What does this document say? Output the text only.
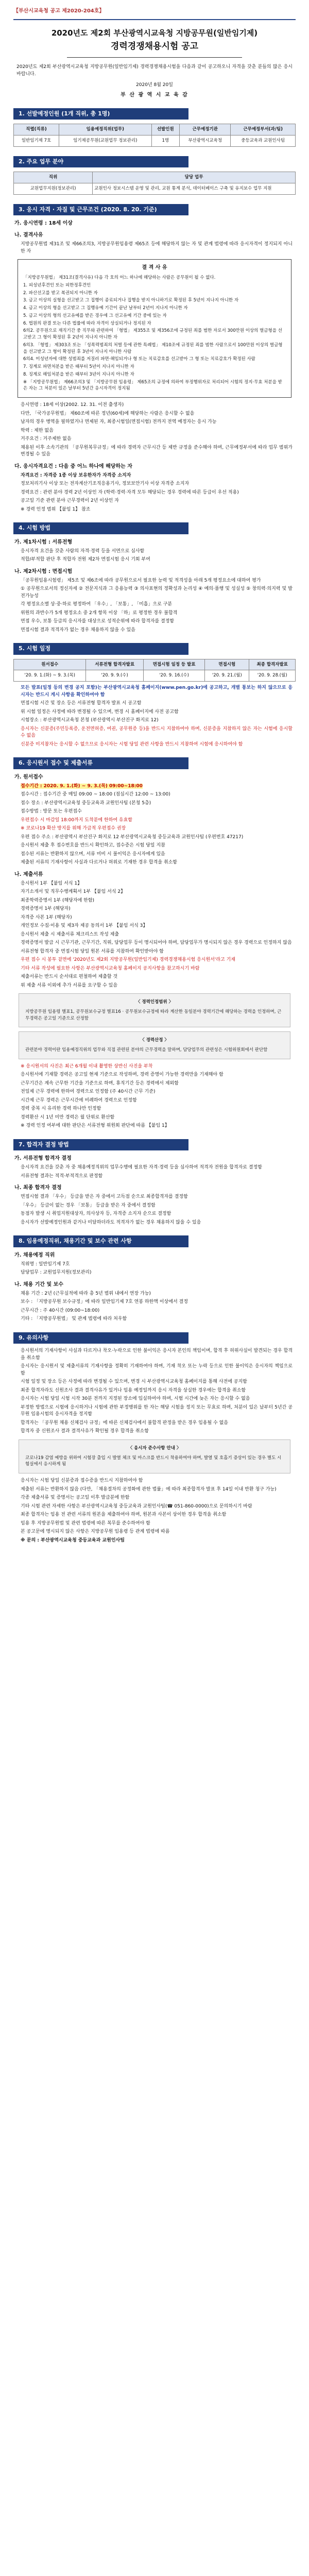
【부산시교육청 공고 제2020-204호】
2020년도 제2회 부산광역시교육청 지방공무원(일반임기제)
경력경쟁채용시험 공고
2020년도 제2회 부산광역시교육청 지방공무원(일반임기제) 경력경쟁채용시험을 다음과 같이 공고하오니 자격을 갖춘 분들의 많은 응시 바랍니다.
2020년 8월 20일
부 산 광 역 시 교 육 감
1. 선발예정인원 (1개 직위, 총 1명)
직렬(직류)	임용예정직위(업무)	선발인원	근무예정기관	근무예정부서(과/팀)
일반임기제 7호	임기제공무원(교원업무 정보관리)	1명	부산광역시교육청	중등교육과 교원인사팀
2. 주요 업무 분야
직위	담당 업무
교원업무지원(정보관리)	교원인사 정보시스템 운영 및 관리, 교원 통계 분석, 데이터베이스 구축 및 유지보수 업무 지원
3. 응시 자격 · 자질 및 근무조건 (2020. 8. 20. 기준)
가. 응시연령 : 18세 이상
나. 결격사유
지방공무원법 제31조 및 제66조의3, 지방공무원임용령 제65조 등에 해당하지 않는 자 및 관계 법령에 따라 응시자격이 정지되지 아니한 자
결 격 사 유
「지방공무원법」 제31조(결격사유) 다음 각 호의 어느 하나에 해당하는 사람은 공무원이 될 수 없다.
1. 피성년후견인 또는 피한정후견인
2. 파산선고를 받고 복권되지 아니한 자
3. 금고 이상의 실형을 선고받고 그 집행이 종료되거나 집행을 받지 아니하기로 확정된 후 5년이 지나지 아니한 자
4. 금고 이상의 형을 선고받고 그 집행유예 기간이 끝난 날부터 2년이 지나지 아니한 자
5. 금고 이상의 형의 선고유예를 받은 경우에 그 선고유예 기간 중에 있는 자
6. 법원의 판결 또는 다른 법률에 따라 자격이 상실되거나 정지된 자
6의2. 공무원으로 재직기간 중 직무와 관련하여 「형법」 제355조 및 제356조에 규정된 죄를 범한 자로서 300만원 이상의 벌금형을 선고받고 그 형이 확정된 후 2년이 지나지 아니한 자
6의3. 「형법」 제303조 또는 「성폭력범죄의 처벌 등에 관한 특례법」 제10조에 규정된 죄를 범한 사람으로서 100만원 이상의 벌금형을 선고받고 그 형이 확정된 후 3년이 지나지 아니한 사람
6의4. 미성년자에 대한 성범죄를 저질러 파면·해임되거나 형 또는 치료감호를 선고받아 그 형 또는 치료감호가 확정된 사람
7. 징계로 파면처분을 받은 때부터 5년이 지나지 아니한 자
8. 징계로 해임처분을 받은 때부터 3년이 지나지 아니한 자
※ 「지방공무원법」 제66조의3 및 「지방공무원 임용령」 제65조의 규정에 의하여 부정행위자로 처리되어 시험의 정지·무효 처분을 받은 자는 그 처분이 있은 날부터 5년간 응시자격이 정지됨
응시연령 : 18세 이상(2002. 12. 31. 이전 출생자)
다만, 「국가공무원법」 제60조에 따른 정년(60세)에 해당하는 사람은 응시할 수 없음
남자의 경우 병역을 필하였거나 면제된 자, 최종시험일(면접시험) 전까지 전역 예정자는 응시 가능
학력 : 제한 없음
거주요건 : 거주제한 없음
채용된 이후 소속기관의 「공무원복무규정」에 따라 경력자 근무시간 등 제반 규정을 준수해야 하며, 근무예정부서에 따라 업무 범위가 변경될 수 있음
다. 응시자격요건 : 다음 중 어느 하나에 해당하는 자
자격요건 : 자격증 1종 이상 보유한자가 자격증 소지자
정보처리기사 이상 또는 전자계산기조직응용기사, 정보보안기사 이상 자격증 소지자
경력요건 : 관련 분야 경력 2년 이상인 자 (학력·경력·자격 모두 해당되는 경우 경력에 따른 등급이 우선 적용)
공고일 기준 관련 분야 근무경력이 2년 이상인 자
※ 경력 인정 범위 【붙임 1】 참조
4. 시험 방법
가. 제1차시험 : 서류전형
응시자격 요건을 갖춘 사람의 자격·경력 등을 서면으로 심사함
적합/부적합 판단 후 적합자 전원 제2차 면접시험 응시 기회 부여
나. 제2차시험 : 면접시험
「공무원임용시험령」 제5조 및 제6조에 따라 공무원으로서 필요한 능력 및 적격성을 아래 5개 평정요소에 대하여 평가
① 공무원으로서의 정신자세 ② 전문지식과 그 응용능력 ③ 의사표현의 정확성과 논리성 ④ 예의·품행 및 성실성 ⑤ 창의력·의지력 및 발전가능성
각 평정요소별 상·중·하로 평정하여 「우수」, 「보통」, 「미흡」으로 구분
위원의 과반수가 5개 평정요소 중 2개 항목 이상 「하」로 평정한 경우 불합격
면접 우수, 보통 등급의 응시자를 대상으로 성적순위에 따라 합격자를 결정함
면접시험 결과 적격자가 없는 경우 채용하지 않을 수 있음
5. 시험 일정
원서접수	서류전형 합격자발표	면접시험 일정 등 발표	면접시험	최종 합격자발표
'20. 9. 1.(화) ~ 9. 3.(목)	'20. 9. 9.(수)	'20. 9. 16.(수)	'20. 9. 21.(월)	'20. 9. 28.(월)
모든 발표(일정 등의 변경 공지 포함)는 부산광역시교육청 홈페이지(www.pen.go.kr)에 공고하고, 개별 통보는 하지 않으므로 응시자는 반드시 게시 사항을 확인하여야 함
면접시험 시간 및 장소 등은 서류전형 합격자 발표 시 공고함
위 시험 일정은 사정에 따라 변경될 수 있으며, 변경 시 홈페이지에 사전 공고함
시험장소 : 부산광역시교육청 본청 (부산광역시 부산진구 화지로 12)
응시자는 신분증(주민등록증, 운전면허증, 여권, 공무원증 등)을 반드시 지참하여야 하며, 신분증을 지참하지 않은 자는 시험에 응시할 수 없음
신분증 미지참자는 응시할 수 없으므로 응시자는 시험 당일 관련 사항을 반드시 지참하여 시험에 응시하여야 함
6. 응시원서 접수 및 제출서류
가. 원서접수
접수기간 : 2020. 9. 1.(화) ~ 9. 3.(목) 09:00~18:00
접수시간 : 접수기간 중 매일 09:00 ~ 18:00 (점심시간 12:00 ~ 13:00)
접수 장소 : 부산광역시교육청 중등교육과 교원인사팀 (본청 5층)
접수방법 : 방문 또는 우편접수
우편접수 시 마감일 18:00까지 도착분에 한하여 유효함
※ 코로나19 확산 방지를 위해 가급적 우편접수 권장
우편 접수 주소 : 부산광역시 부산진구 화지로 12 부산광역시교육청 중등교육과 교원인사팀 (우편번호 47217)
응시원서 제출 후 접수번호를 반드시 확인하고, 접수증은 시험 당일 지참
접수된 서류는 반환하지 않으며, 서류 미비 시 불이익은 응시자에게 있음
제출된 서류의 기재사항이 사실과 다르거나 허위로 기재한 경우 합격을 취소함
나. 제출서류
응시원서 1부 【붙임 서식 1】
자기소개서 및 직무수행계획서 1부 【붙임 서식 2】
최종학력증명서 1부 (해당자에 한함)
경력증명서 1부 (해당자)
자격증 사본 1부 (해당자)
개인정보 수집·이용 및 제3자 제공 동의서 1부 【붙임 서식 3】
응시원서 제출 시 제출서류 체크리스트 작성 제출
경력증명서 발급 시 근무기관, 근무기간, 직위, 담당업무 등이 명시되어야 하며, 담당업무가 명시되지 않은 경우 경력으로 인정하지 않음
서류전형 합격자 중 면접시험 당일 원본 서류를 지참하여 확인받아야 함
우편 접수 시 봉투 겉면에 '2020년도 제2회 지방공무원(일반임기제) 경력경쟁채용시험 응시원서'라고 기재
기타 서류 작성에 필요한 사항은 부산광역시교육청 홈페이지 공지사항을 참고하시기 바람
제출서류는 반드시 순서대로 편철하여 제출할 것
위 제출 서류 이외에 추가 서류를 요구할 수 있음
〈 경력인정범위 〉
지방공무원 임용령 별표1, 공무원보수규정 별표16 · 공무원보수규정에 따라 계산한 동일분야 경력기간에 해당하는 경력을 인정하며, 근무경력은 공고일 기준으로 산정함
〈 경력산정 〉
관련분야 경력이란 임용예정직위의 업무와 직접 관련된 분야의 근무경력을 말하며, 담당업무의 관련성은 시험위원회에서 판단함
※ 응시원서의 사진은 최근 6개월 이내 촬영한 상반신 사진을 부착
응시원서에 기재할 경력은 공고일 현재 기준으로 작성하며, 경력 증명이 가능한 경력만을 기재해야 함
근무기간은 계속 근무한 기간을 기준으로 하며, 휴직기간 등은 경력에서 제외함
전일제 근무 경력에 한하여 경력으로 인정함 (주 40시간 근무 기준)
시간제 근무 경력은 근무시간에 비례하여 경력으로 인정함
경력 중복 시 유리한 경력 하나만 인정함
경력환산 시 1년 미만 경력은 월 단위로 환산함
※ 경력 인정 여부에 대한 판단은 서류전형 위원회 판단에 따름 【붙임 1】
7. 합격자 결정 방법
가. 서류전형 합격자 결정
응시자격 요건을 갖춘 자 중 채용예정직위의 업무수행에 필요한 자격·경력 등을 심사하여 적격자 전원을 합격자로 결정함
서류전형 결과는 적격·부적격으로 판정함
나. 최종 합격자 결정
면접시험 결과 「우수」 등급을 받은 자 중에서 고득점 순으로 최종합격자를 결정함
「우수」 등급이 없는 경우 「보통」 등급을 받은 자 중에서 결정함
동점자 발생 시 취업지원대상자, 의사상자 등, 자격증 소지자 순으로 결정함
응시자가 선발예정인원과 같거나 미달하더라도 적격자가 없는 경우 채용하지 않을 수 있음
8. 임용예정직위, 채용기간 및 보수 관련 사항
가. 채용예정 직위
직위명 : 일반임기제 7호
담당업무 : 교원업무지원(정보관리)
나. 채용 기간 및 보수
채용 기간 : 2년 (근무실적에 따라 총 5년 범위 내에서 연장 가능)
보수 : 「지방공무원 보수규정」에 따라 일반임기제 7호 연봉 하한액 이상에서 결정
근무시간 : 주 40시간 (09:00~18:00)
기타 : 「지방공무원법」 및 관계 법령에 따라 처우함
9. 유의사항
응시원서의 기재사항이 사실과 다르거나 착오·누락으로 인한 불이익은 응시자 본인의 책임이며, 합격 후 허위사실이 발견되는 경우 합격을 취소함
응시자는 응시원서 및 제출서류의 기재사항을 정확히 기재하여야 하며, 기재 착오 또는 누락 등으로 인한 불이익은 응시자의 책임으로 함
시험 일정 및 장소 등은 사정에 따라 변경될 수 있으며, 변경 시 부산광역시교육청 홈페이지를 통해 사전에 공지함
최종 합격자라도 신원조사 결과 결격사유가 있거나 임용 예정일까지 응시 자격을 상실한 경우에는 합격을 취소함
응시자는 시험 당일 시험 시작 30분 전까지 지정된 장소에 입실하여야 하며, 시험 시간에 늦은 자는 응시할 수 없음
부정한 방법으로 시험에 응시하거나 시험에 관한 부정행위를 한 자는 해당 시험을 정지 또는 무효로 하며, 처분이 있은 날부터 5년간 공무원 임용시험의 응시자격을 정지함
합격자는 「공무원 채용 신체검사 규정」에 따른 신체검사에서 불합격 판정을 받은 경우 임용될 수 없음
합격자 중 신원조사 결과 결격사유가 확인될 경우 합격을 취소함
〈 응시자 준수사항 안내 〉
코로나19 감염 예방을 위하여 시험장 출입 시 발열 체크 및 마스크를 반드시 착용하여야 하며, 발열 및 호흡기 증상이 있는 경우 별도 시험실에서 응시하게 됨
응시자는 시험 당일 신분증과 접수증을 반드시 지참하여야 함
제출된 서류는 반환하지 않음 (다만, 「채용절차의 공정화에 관한 법률」에 따라 최종합격자 발표 후 14일 이내 반환 청구 가능)
각종 제출서류 및 증명서는 공고일 이후 발급분에 한함
기타 시험 관련 자세한 사항은 부산광역시교육청 중등교육과 교원인사팀(☎ 051-860-0000)으로 문의하시기 바람
최종 합격자는 임용 전 관련 서류의 원본을 제출하여야 하며, 원본과 사본이 상이한 경우 합격을 취소함
임용 후 지방공무원법 및 관련 법령에 따른 복무를 준수하여야 함
본 공고문에 명시되지 않은 사항은 지방공무원 임용령 등 관계 법령에 따름
※ 문의 : 부산광역시교육청 중등교육과 교원인사팀
